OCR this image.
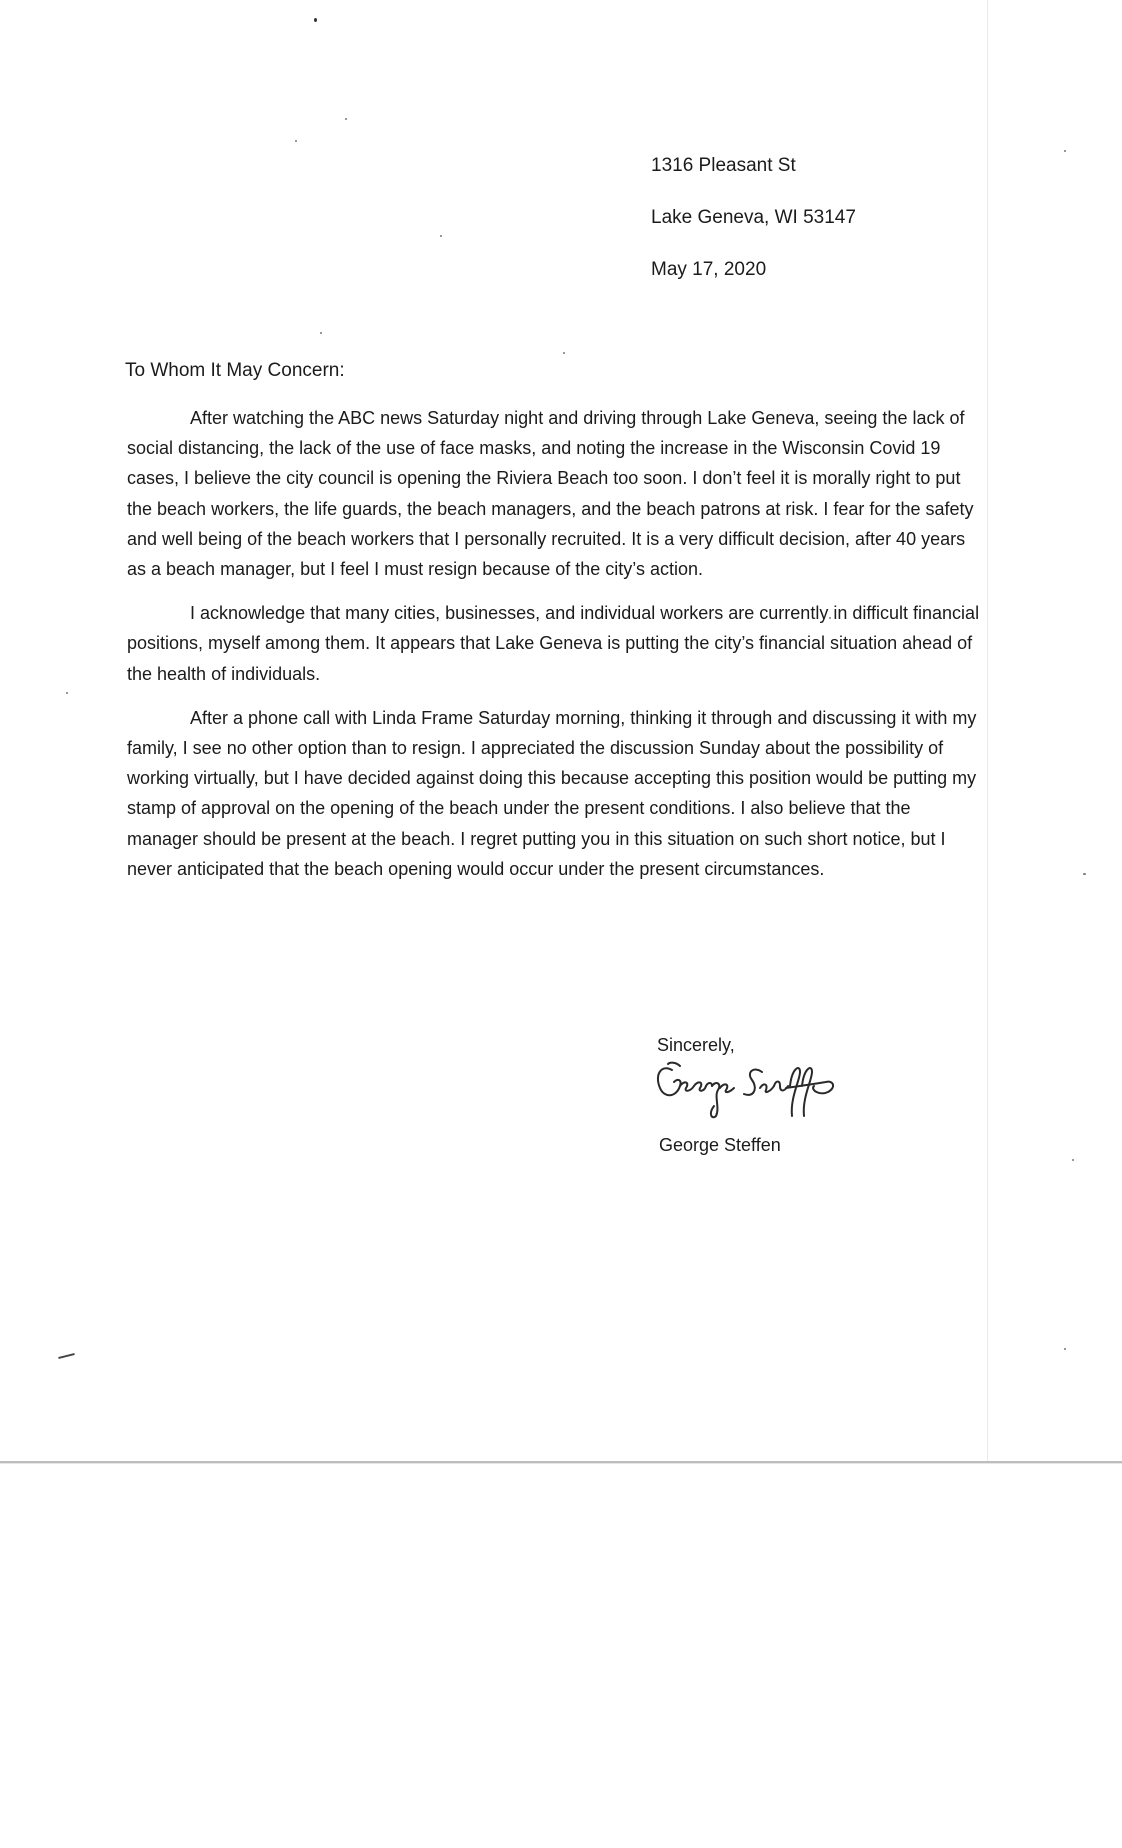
1316 Pleasant St
Lake Geneva, WI 53147
May 17, 2020
To Whom It May Concern:

After watching the ABC news Saturday night and driving through Lake Geneva, seeing the lack of social distancing, the lack of the use of face masks, and noting the increase in the Wisconsin Covid 19 cases, I believe the city council is opening the Riviera Beach too soon. I don’t feel it is morally right to put the beach workers, the life guards, the beach managers, and the beach patrons at risk. I fear for the safety and well being of the beach workers that I personally recruited. It is a very difficult decision, after 40 years as a beach manager, but I feel I must resign because of the city’s action.

I acknowledge that many cities, businesses, and individual workers are currently in difficult financial positions, myself among them. It appears that Lake Geneva is putting the city’s financial situation ahead of the health of individuals.

After a phone call with Linda Frame Saturday morning, thinking it through and discussing it with my family, I see no other option than to resign. I appreciated the discussion Sunday about the possibility of working virtually, but I have decided against doing this because accepting this position would be putting my stamp of approval on the opening of the beach under the present conditions. I also believe that the manager should be present at the beach. I regret putting you in this situation on such short notice, but I never anticipated that the beach opening would occur under the present circumstances.

Sincerely,
George Steffen
